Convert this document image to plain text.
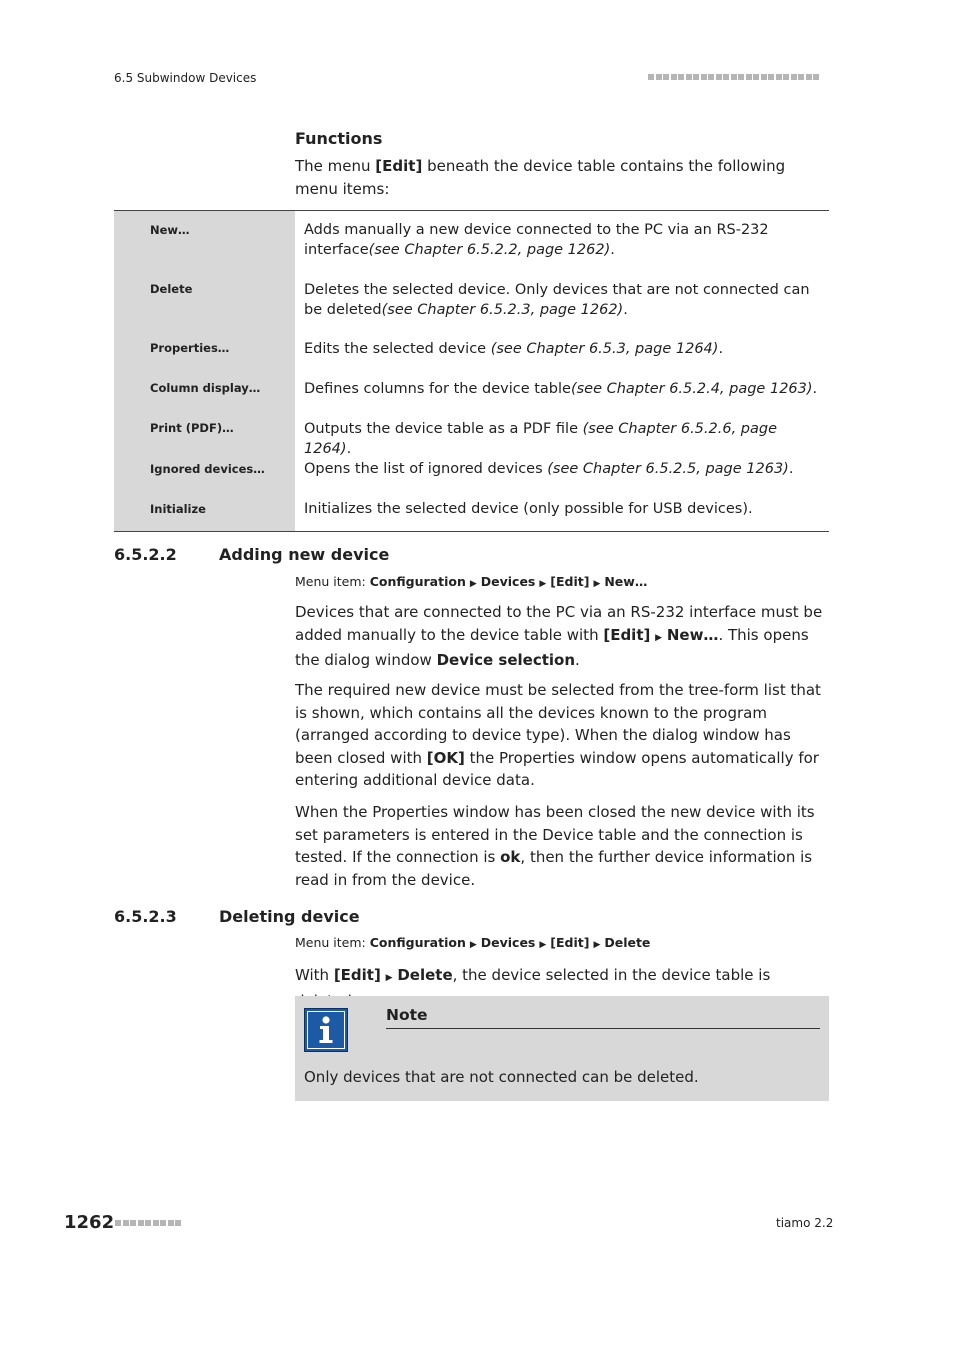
6.5 Subwindow Devices
Functions
The menu [Edit] beneath the device table contains the following menu items:
New…	Adds manually a new device connected to the PC via an RS-232 interface(see Chapter 6.5.2.2, page 1262).
Delete	Deletes the selected device. Only devices that are not connected can be deleted(see Chapter 6.5.2.3, page 1262).
Properties…	Edits the selected device (see Chapter 6.5.3, page 1264).
Column display…	Defines columns for the device table(see Chapter 6.5.2.4, page 1263).
Print (PDF)…	Outputs the device table as a PDF file (see Chapter 6.5.2.6, page 1264).
Ignored devices…	Opens the list of ignored devices (see Chapter 6.5.2.5, page 1263).
Initialize	Initializes the selected device (only possible for USB devices).
6.5.2.2	Adding new device
Menu item: Configuration ▶ Devices ▶ [Edit] ▶ New…
Devices that are connected to the PC via an RS-232 interface must be added manually to the device table with [Edit] ▶ New…. This opens the dialog window Device selection.
The required new device must be selected from the tree-form list that is shown, which contains all the devices known to the program (arranged according to device type). When the dialog window has been closed with [OK] the Properties window opens automatically for entering additional device data.
When the Properties window has been closed the new device with its set parameters is entered in the Device table and the connection is tested. If the connection is ok, then the further device information is read in from the device.
6.5.2.3	Deleting device
Menu item: Configuration ▶ Devices ▶ [Edit] ▶ Delete
With [Edit] ▶ Delete, the device selected in the device table is
Note
Only devices that are not connected can be deleted.
1262	tiamo 2.2
